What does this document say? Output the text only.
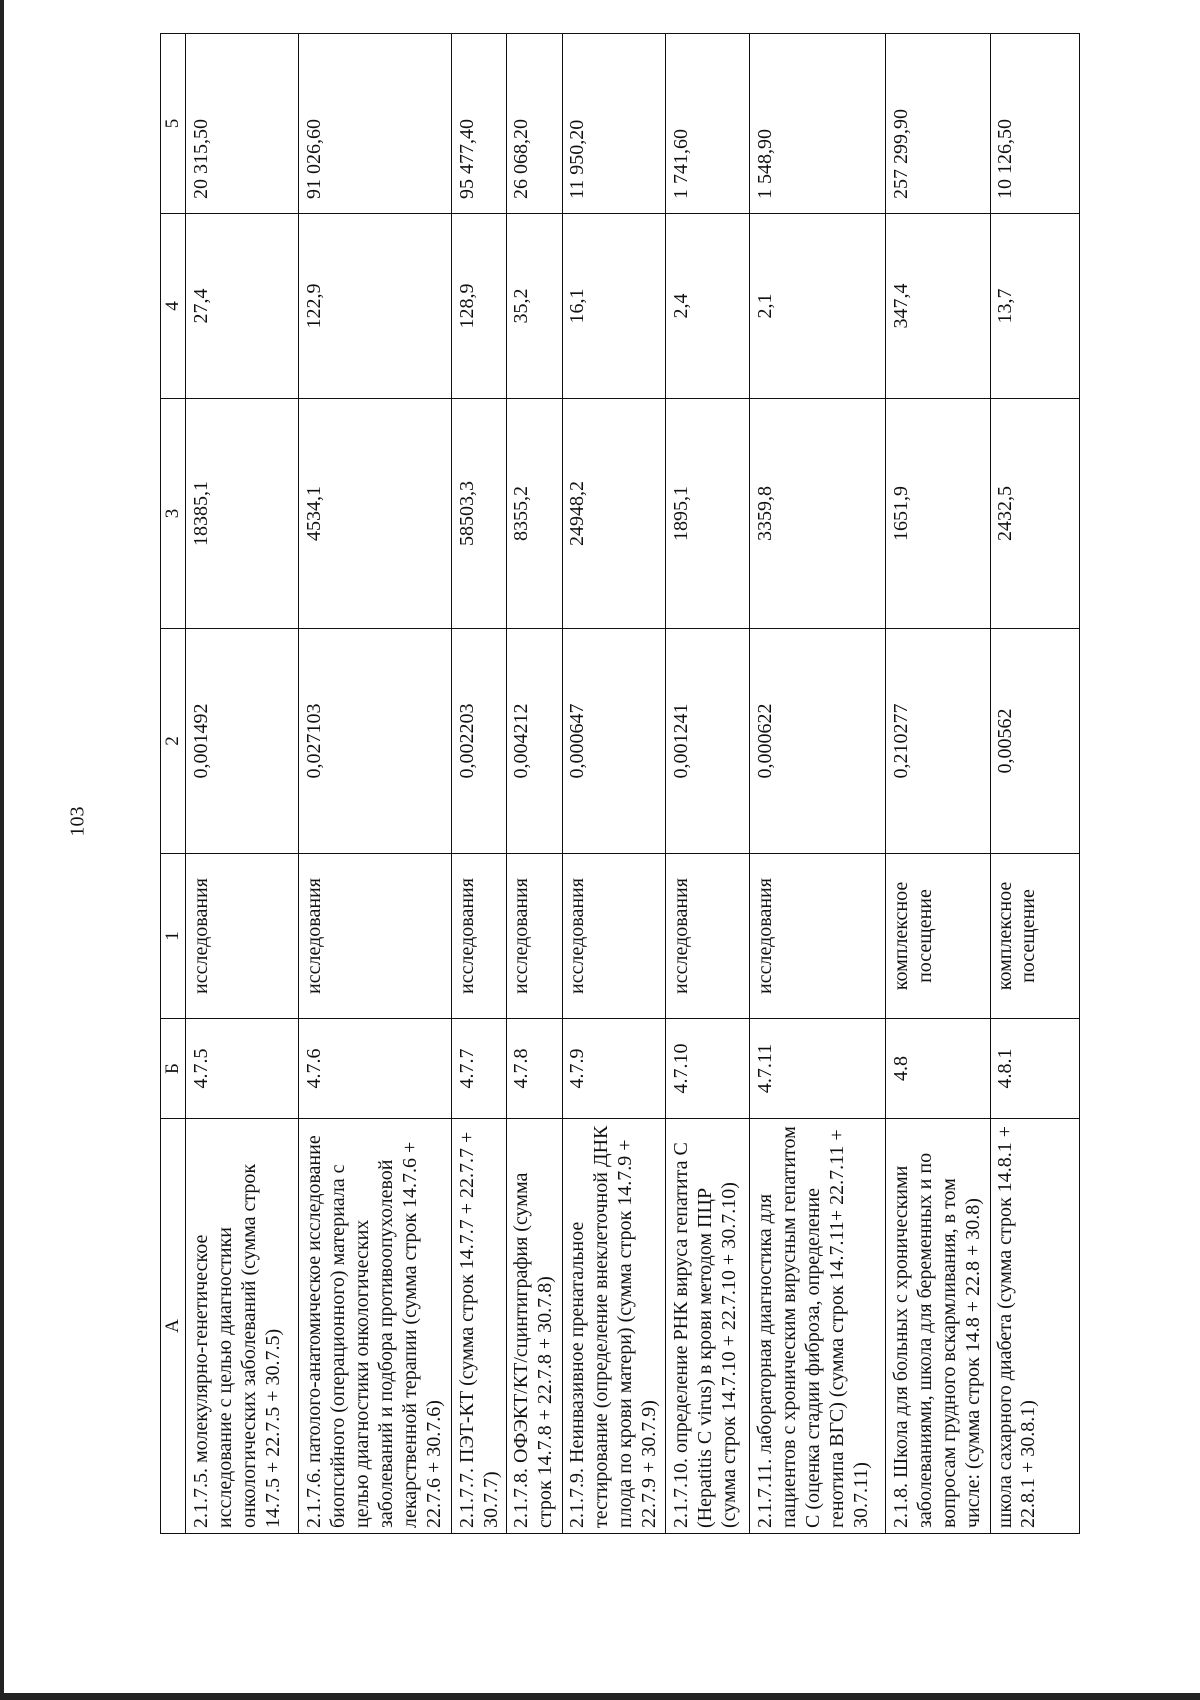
103
А	Б	1	2	3	4	5
2.1.7.5. молекулярно-генетическое исследование с целью диагностики онкологических заболеваний (сумма строк 14.7.5 + 22.7.5 + 30.7.5)	4.7.5	исследования	0,001492	18385,1	27,4	20 315,50
2.1.7.6. патолого-анатомическое исследование биопсийного (операционного) материала с целью диагностики онкологических заболеваний и подбора противоопухолевой лекарственной терапии (сумма строк 14.7.6 + 22.7.6 + 30.7.6)	4.7.6	исследования	0,027103	4534,1	122,9	91 026,60
2.1.7.7. ПЭТ-КТ (сумма строк 14.7.7 + 22.7.7 + 30.7.7)	4.7.7	исследования	0,002203	58503,3	128,9	95 477,40
2.1.7.8. ОФЭКТ/КТ/сцинтиграфия (сумма строк 14.7.8 + 22.7.8 + 30.7.8)	4.7.8	исследования	0,004212	8355,2	35,2	26 068,20
2.1.7.9. Неинвазивное пренатальное тестирование (определение внеклеточной ДНК плода по крови матери) (сумма строк 14.7.9 + 22.7.9 + 30.7.9)	4.7.9	исследования	0,000647	24948,2	16,1	11 950,20
2.1.7.10. определение РНК вируса гепатита С (Hepatitis C virus) в крови методом ПЦР (сумма строк 14.7.10 + 22.7.10 + 30.7.10)	4.7.10	исследования	0,001241	1895,1	2,4	1 741,60
2.1.7.11. лабораторная диагностика для пациентов с хроническим вирусным гепатитом С (оценка стадии фиброза, определение генотипа ВГС) (сумма строк 14.7.11+ 22.7.11 + 30.7.11)	4.7.11	исследования	0,000622	3359,8	2,1	1 548,90
2.1.8. Школа для больных с хроническими заболеваниями, школа для беременных и по вопросам грудного вскармливания, в том числе: (сумма строк 14.8 + 22.8 + 30.8)	4.8	комплексное посещение	0,210277	1651,9	347,4	257 299,90
школа сахарного диабета (сумма строк 14.8.1 + 22.8.1 + 30.8.1)	4.8.1	комплексное посещение	0,00562	2432,5	13,7	10 126,50
